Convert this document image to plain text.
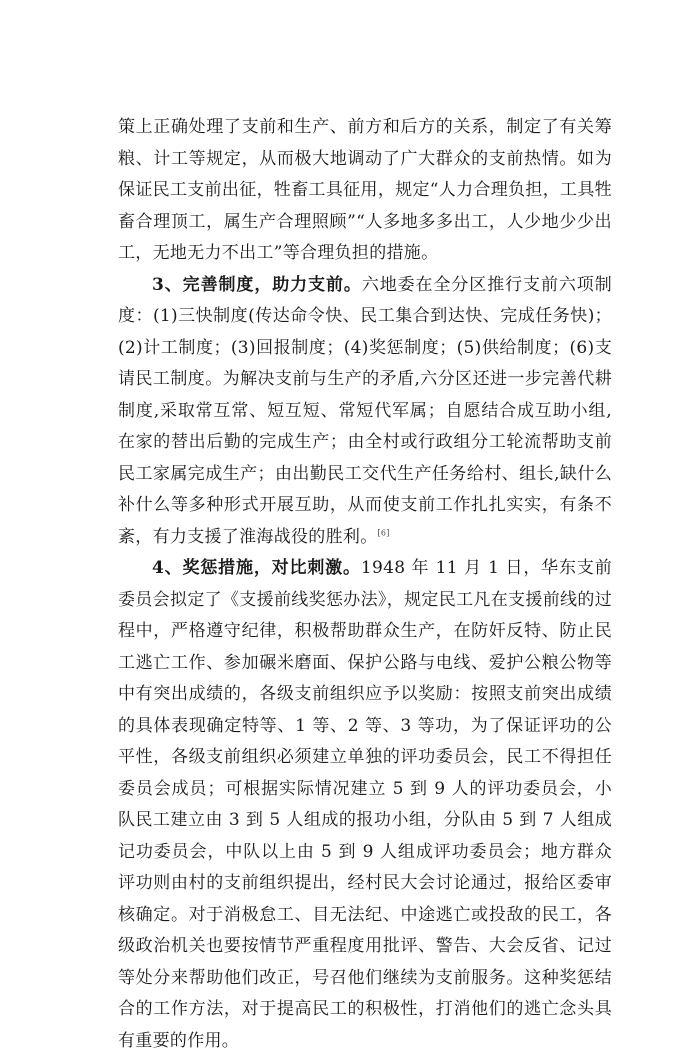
策上正确处理了支前和生产、前方和后方的关系，制定了有关筹粮、计工等规定，从而极大地调动了广大群众的支前热情。如为保证民工支前出征，牲畜工具征用，规定“人力合理负担，工具牲畜合理顶工，属生产合理照顾”“人多地多多出工，人少地少少出工，无地无力不出工”等合理负担的措施。

3、完善制度，助力支前。六地委在全分区推行支前六项制度：(1)三快制度(传达命令快、民工集合到达快、完成任务快)；(2)计工制度；(3)回报制度；(4)奖惩制度；(5)供给制度；(6)支请民工制度。为解决支前与生产的矛盾,六分区还进一步完善代耕制度,采取常互常、短互短、常短代军属；自愿结合成互助小组,在家的替出后勤的完成生产；由全村或行政组分工轮流帮助支前民工家属完成生产；由出勤民工交代生产任务给村、组长,缺什么补什么等多种形式开展互助，从而使支前工作扎扎实实，有条不紊，有力支援了淮海战役的胜利。[6]

4、奖惩措施，对比刺激。1948 年 11 月 1 日，华东支前委员会拟定了《支援前线奖惩办法》，规定民工凡在支援前线的过程中，严格遵守纪律，积极帮助群众生产，在防奸反特、防止民工逃亡工作、参加碾米磨面、保护公路与电线、爱护公粮公物等中有突出成绩的，各级支前组织应予以奖励：按照支前突出成绩的具体表现确定特等、1 等、2 等、3 等功，为了保证评功的公平性，各级支前组织必须建立单独的评功委员会，民工不得担任委员会成员；可根据实际情况建立 5 到 9 人的评功委员会，小队民工建立由 3 到 5 人组成的报功小组，分队由 5 到 7 人组成记功委员会，中队以上由 5 到 9 人组成评功委员会；地方群众评功则由村的支前组织提出，经村民大会讨论通过，报给区委审核确定。对于消极怠工、目无法纪、中途逃亡或投敌的民工，各级政治机关也要按情节严重程度用批评、警告、大会反省、记过等处分来帮助他们改正，号召他们继续为支前服务。这种奖惩结合的工作方法，对于提高民工的积极性，打消他们的逃亡念头具有重要的作用。
